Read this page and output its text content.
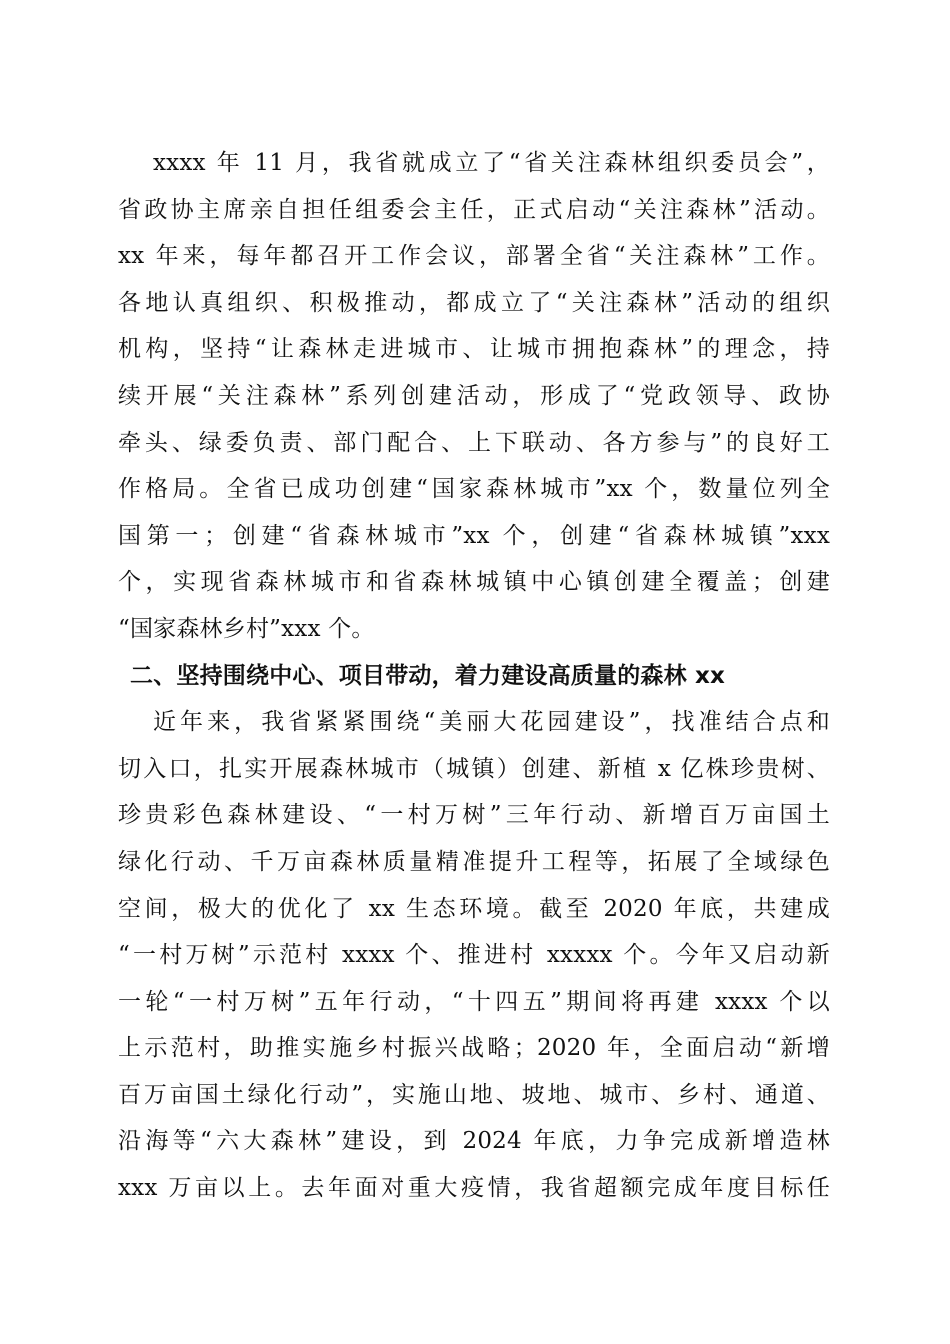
xxxx 年 11 月，我省就成立了“省关注森林组织委员会”，
省政协主席亲自担任组委会主任，正式启动“关注森林”活动。
xx 年来，每年都召开工作会议，部署全省“关注森林”工作。
各地认真组织、积极推动，都成立了“关注森林”活动的组织
机构，坚持“让森林走进城市、让城市拥抱森林”的理念，持
续开展“关注森林”系列创建活动，形成了“党政领导、政协
牵头、绿委负责、部门配合、上下联动、各方参与”的良好工
作格局。全省已成功创建“国家森林城市”xx 个，数量位列全
国第一；创建“省森林城市”xx 个，创建“省森林城镇”xxx
个，实现省森林城市和省森林城镇中心镇创建全覆盖；创建
“国家森林乡村”xxx 个。
二、坚持围绕中心、项目带动，着力建设高质量的森林 xx
近年来，我省紧紧围绕“美丽大花园建设”，找准结合点和
切入口，扎实开展森林城市（城镇）创建、新植 x 亿株珍贵树、
珍贵彩色森林建设、“一村万树”三年行动、新增百万亩国土
绿化行动、千万亩森林质量精准提升工程等，拓展了全域绿色
空间，极大的优化了 xx 生态环境。截至 2020 年底，共建成
“一村万树”示范村 xxxx 个、推进村 xxxxx 个。今年又启动新
一轮“一村万树”五年行动，“十四五”期间将再建 xxxx 个以
上示范村，助推实施乡村振兴战略；2020 年，全面启动“新增
百万亩国土绿化行动”，实施山地、坡地、城市、乡村、通道、
沿海等“六大森林”建设，到 2024 年底，力争完成新增造林
xxx 万亩以上。去年面对重大疫情，我省超额完成年度目标任
